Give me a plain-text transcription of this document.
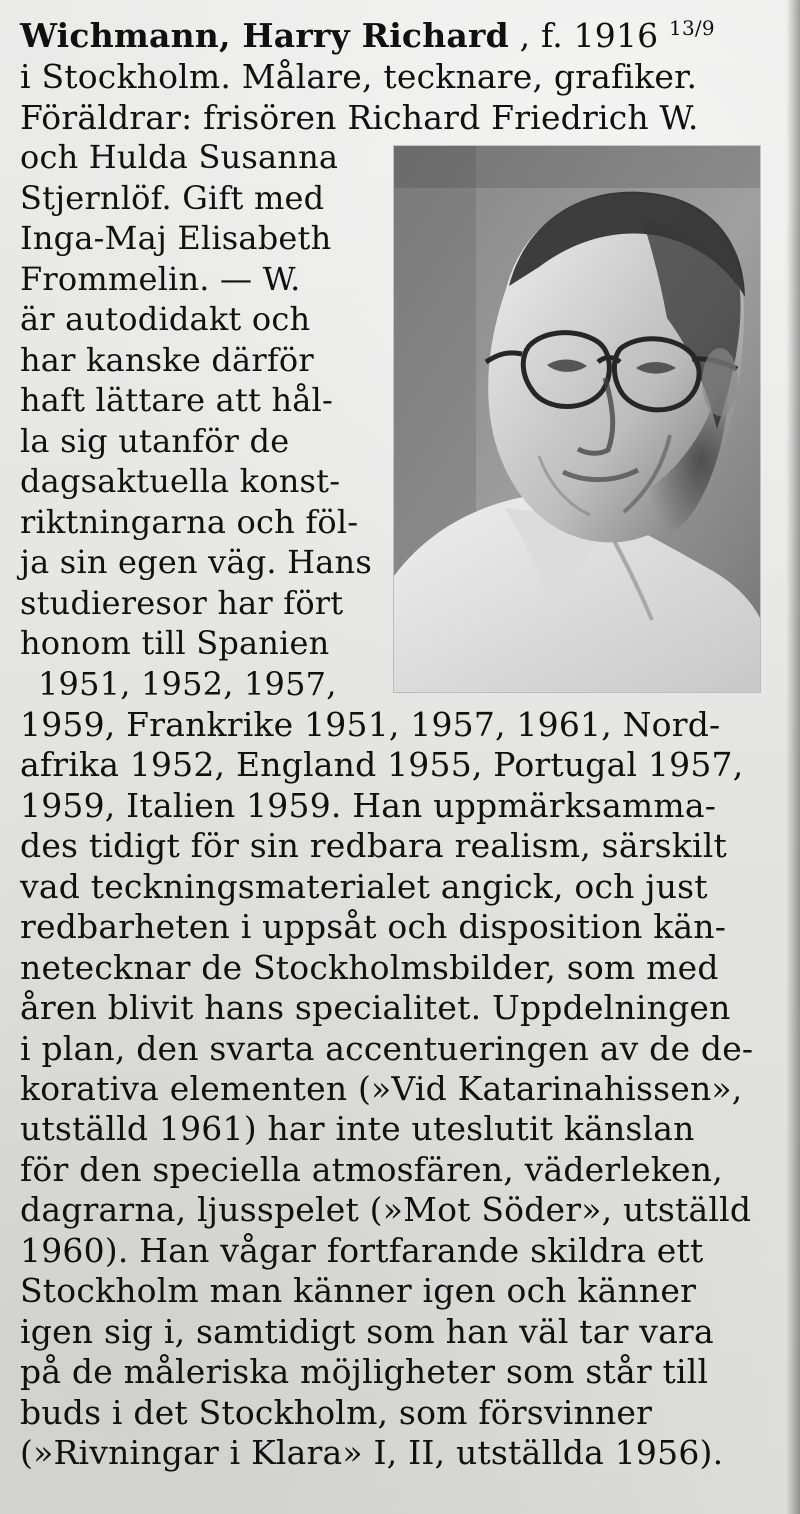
Wichmann, Harry Richard , f. 1916 $^{13/9}$
i Stockholm. Målare, tecknare, grafiker.
Föräldrar: frisören Richard Friedrich W.
och Hulda Susanna
Stjernlöf. Gift med
Inga-Maj Elisabeth
Frommelin. — W.
är autodidakt och
har kanske därför
haft lättare att hål-
la sig utanför de
dagsaktuella konst-
riktningarna och föl-
ja sin egen väg. Hans
studieresor har fört
honom till Spanien
1951, 1952, 1957,
1959, Frankrike 1951, 1957, 1961, Nord-
afrika 1952, England 1955, Portugal 1957,
1959, Italien 1959. Han uppmärksamma-
des tidigt för sin redbara realism, särskilt
vad teckningsmaterialet angick, och just
redbarheten i uppsåt och disposition kän-
netecknar de Stockholmsbilder, som med
åren blivit hans specialitet. Uppdelningen
i plan, den svarta accentueringen av de de-
korativa elementen (»Vid Katarinahissen»,
utställd 1961) har inte uteslutit känslan
för den speciella atmosfären, väderleken,
dagrarna, ljusspelet (»Mot Söder», utställd
1960). Han vågar fortfarande skildra ett
Stockholm man känner igen och känner
igen sig i, samtidigt som han väl tar vara
på de måleriska möjligheter som står till
buds i det Stockholm, som försvinner
(»Rivningar i Klara» I, II, utställda 1956).
